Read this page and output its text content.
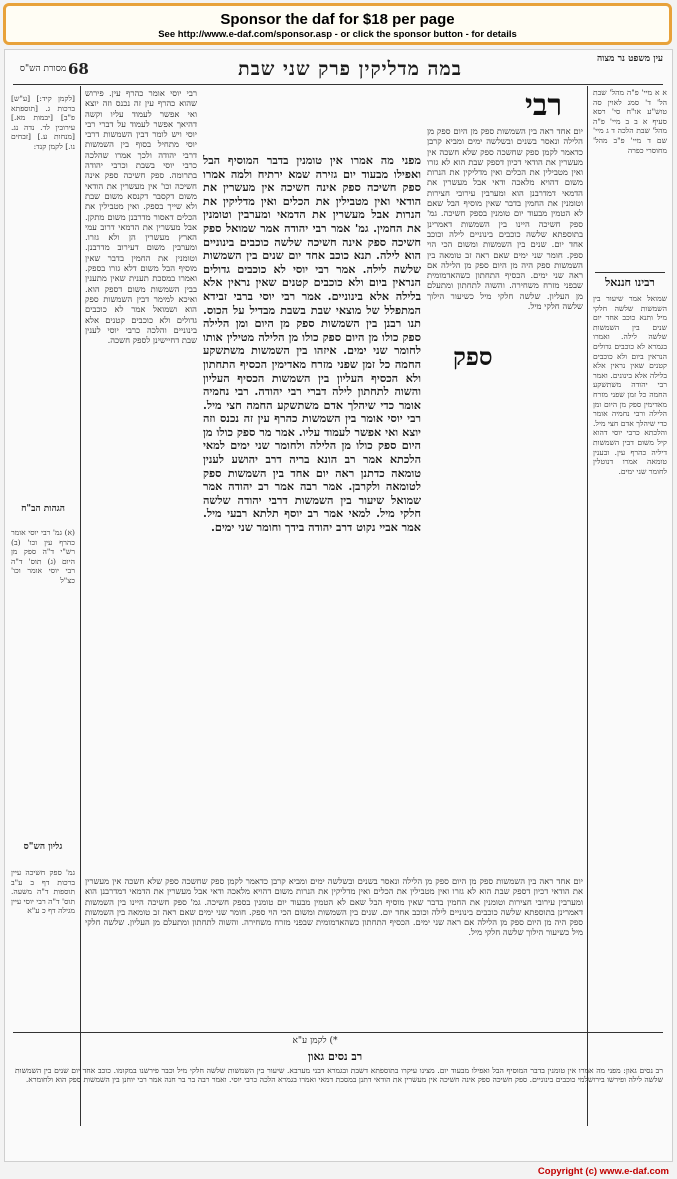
Sponsor the daf for $18 per page
See http://www.e-daf.com/sponsor.asp - or click the sponsor button - for details
68	במה מדליקין פרק שני שבת
מסורת הש"ס
[לקמן קיד:] [ע"ש] ברכות ג. [תוספתא פ"ב] [יבמות מא.] עירובין לד. נדה נג. [מנחות ע.] [זבחים נו.] לקמן קנד:
הגהות הב"ח
(א) גמ' רבי יוסי אומר כהרף עין וכו' (ב) רש"י ד"ה ספק מן היום (ג) תוס' ד"ה רבי יוסי אומר וכו' כצ"ל
גליון הש"ס
גמ' ספק חשיכה עיין ברכות דף ב ע"ב תוספות ד"ה משעה. תוס' ד"ה רבי יוסי עיין מגילה דף כ ע"א
עין משפט נר מצוה
א א מיי' פ"ה מהל' שבת הל' ד' סמג לאוין סה טוש"ע או"ח סי' רסא סעיף א ב ב מיי' פ"ה מהל' שבת הלכה ד ג מיי' שם ד מיי' פ"ב מהל' מחוסרי כפרה
רבינו חננאל
שמואל אמר שיעור בין השמשות שלשה חלקי מיל ותנא כוכב אחד יום שנים בין השמשות שלשה לילה. ואמרו בגמרא לא כוכבים גדולים הנראין ביום ולא כוכבים קטנים שאין נראין אלא בלילה אלא בינונים. ואמר רבי יהודה משתשקע החמה כל זמן שפני מזרח מאדימין ספק מן היום ומן הלילה ורבי נחמיה אומר כדי שיהלך אדם חצי מיל. והלכתא כרבי יוסי דהוא קיל משום דבין השמשות דיליה כהרף עין. ובענין טומאה אמרו דנוטלין לחומר שני ימים.
רבי יוסי אומר כהרף עין. פירוש שהוא כהרף עין זה נכנס וזה יוצא ואי אפשר לעמוד עליו וקשה דהיאך אפשר לעמוד על דברי רבי יוסי ויש לומר דבין השמשות דרבי יוסי מתחיל בסוף בין השמשות דרבי יהודה ולכך אמרו שהלכה כרבי יוסי בשבת וכרבי יהודה בתרומה. ספק חשיכה ספק אינה חשיכה וכו' אין מעשרין את הודאי משום דקסבר דקנסא משום שבת ולא שייך בספק. ואין מטבילין את הכלים דאסור מדרבנן משום מתקן. אבל מעשרין את הדמאי דרוב עמי הארץ מעשרין הן ולא גזרו. ומערבין משום דעירוב מדרבנן. וטומנין את החמין בדבר שאין מוסיף הבל משום דלא גזרו בספק. ואמרו במסכת תענית שאין מתענין בבין השמשות משום דספק הוא. ואיכא למימר דבין השמשות ספק הוא ושמואל אמר לא כוכבים גדולים ולא כוכבים קטנים אלא בינוניים והלכה כרבי יוסי לענין שבת דחיישינן לספק חשכה.
רבי
יום אחד ראה בין השמשות ספק מן היום ספק מן הלילה ונאסר בשנים ובשלשה ימים ומביא קרבן כדאמר לקמן ספק שחשכה ספק שלא חשכה אין מעשרין את הודאי דכיון דספק שבת הוא לא גזרו ואין מטבילין את הכלים ואין מדליקין את הנרות משום דהויא מלאכה ודאי אבל מעשרין את הדמאי דמדרבנן הוא ומערבין עירובי חצירות וטומנין את החמין בדבר שאין מוסיף הבל שאם לא הטמין מבעוד יום טומנין בספק חשיכה. גמ' ספק חשיכה היינו בין השמשות דאמרינן בתוספתא שלשה כוכבים בינוניים לילה וכוכב אחד יום. שנים בין השמשות ומשום הכי הוי ספק. חומר שני ימים שאם ראה זב טומאה בין השמשות ספק היה מן היום ספק מן הלילה אם ראה שני ימים. הכסיף התחתון כשהאדמומית שבפני מזרח משחירה. והשוה לתחתון ומתעלם מן העליון. שלשה חלקי מיל כשיעור הילוך שלשה חלקי מיל.
מפני מה אמרו אין טומנין בדבר המוסיף הבל ואפילו מבעוד יום גזירה שמא ירתיח ולמה אמרו ספק חשיכה ספק אינה חשיכה אין מעשרין את הודאי ואין מטבילין את הכלים ואין מדליקין את הנרות אבל מעשרין את הדמאי ומערבין וטומנין את החמין. גמ' אמר רבי יהודה אמר שמואל ספק חשיכה ספק אינה חשיכה שלשה כוכבים בינוניים הוא לילה. תנא כוכב אחד יום שנים בין השמשות שלשה לילה. אמר רבי יוסי לא כוכבים גדולים הנראין ביום ולא כוכבים קטנים שאין נראין אלא בלילה אלא בינוניים. אמר רבי יוסי ברבי זבידא המתפלל של מוצאי שבת בשבת מבדיל על הכוס. תנו רבנן בין השמשות ספק מן היום ומן הלילה ספק כולו מן היום ספק כולו מן הלילה מטילין אותו לחומר שני ימים. איזהו בין השמשות משתשקע החמה כל זמן שפני מזרח מאדימין הכסיף התחתון ולא הכסיף העליון בין השמשות הכסיף העליון והשוה לתחתון לילה דברי רבי יהודה. רבי נחמיה אומר כדי שיהלך אדם משתשקע החמה חצי מיל. רבי יוסי אומר בין השמשות כהרף עין זה נכנס וזה יוצא ואי אפשר לעמוד עליו. אמר מר ספק כולו מן היום ספק כולו מן הלילה ולחומר שני ימים למאי הלכתא אמר רב הונא בריה דרב יהושע לענין טומאה כדתנן ראה יום אחד בין השמשות ספק לטומאה ולקרבן. אמר רבה אמר רב יהודה אמר שמואל שיעור בין השמשות דרבי יהודה שלשה חלקי מיל. למאי אמר רב יוסף תלתא רבעי מיל. אמר אביי נקוט דרב יהודה בידך וחומר שני ימים.
ספק
יום אחד ראה בין השמשות ספק מן היום ספק מן הלילה ונאסר בשנים ובשלשה ימים ומביא קרבן כדאמר לקמן ספק שחשכה ספק שלא חשכה אין מעשרין את הודאי דכיון דספק שבת הוא לא גזרו ואין מטבילין את הכלים ואין מדליקין את הנרות משום דהויא מלאכה ודאי אבל מעשרין את הדמאי דמדרבנן הוא ומערבין עירובי חצירות וטומנין את החמין בדבר שאין מוסיף הבל שאם לא הטמין מבעוד יום טומנין בספק חשיכה. גמ' ספק חשיכה היינו בין השמשות דאמרינן בתוספתא שלשה כוכבים בינוניים לילה וכוכב אחד יום. שנים בין השמשות ומשום הכי הוי ספק. חומר שני ימים שאם ראה זב טומאה בין השמשות ספק היה מן היום ספק מן הלילה אם ראה שני ימים. הכסיף התחתון כשהאדמומית שבפני מזרח משחירה. והשוה לתחתון ומתעלם מן העליון. שלשה חלקי מיל כשיעור הילוך שלשה חלקי מיל.
*) לקמן ע"א
רב נסים גאון
רב נסים גאון: מפני מה אמרו אין טומנין בדבר המוסיף הבל ואפילו מבעוד יום. מצינו עיקרו בתוספתא דשבת ובגמרא דבני מערבא. שיעור בין השמשות שלשה חלקי מיל וכבר פירשנו במקומו. כוכב אחד יום שנים בין השמשות שלשה לילה ופירשו בירושלמי כוכבים בינוניים. ספק חשיכה ספק אינה חשיכה אין מעשרין את הודאי דתנן במסכת דמאי ואמרו בגמרא הלכה כרבי יוסי. ואמר רבה בר בר חנה אמר רבי יוחנן בין השמשות ספק הוא ולחומרא.
Copyright (c) www.e-daf.com
